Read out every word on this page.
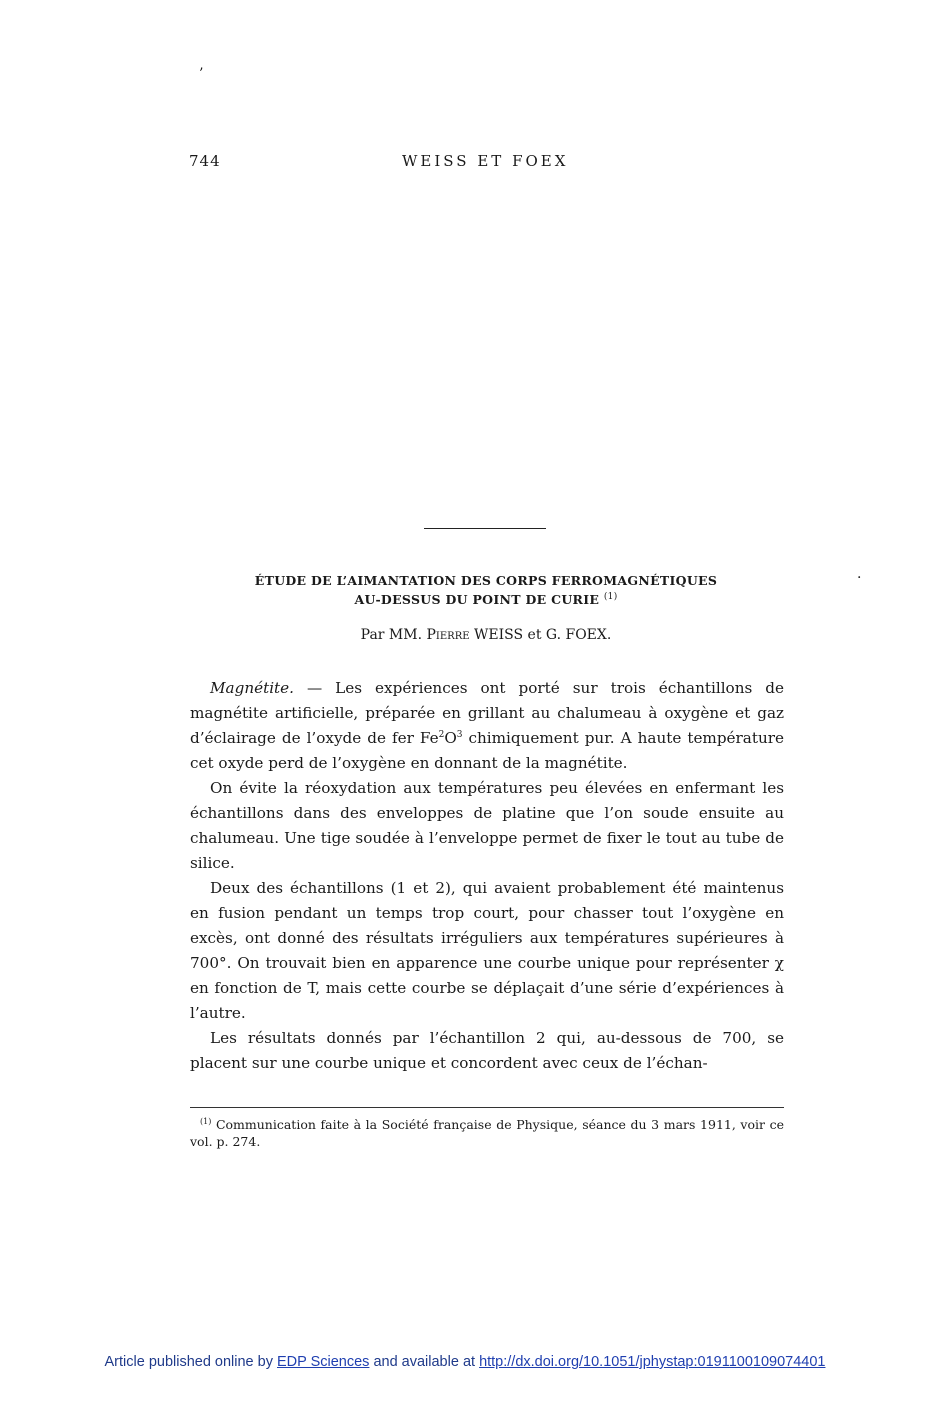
’
·
744	WEISS ET FOEX
ÉTUDE DE L’AIMANTATION DES CORPS FERROMAGNÉTIQUES
AU-DESSUS DU POINT DE CURIE $^{(1)}$
Par MM. Pierre WEISS et G. FOEX.

Magnétite. — Les expériences ont porté sur trois échantillons de magnétite artificielle, préparée en grillant au chalumeau à oxygène et gaz d’éclairage de l’oxyde de fer $Fe^2O^3$ chimiquement pur. A haute température cet oxyde perd de l’oxygène en donnant de la magnétite.

On évite la réoxydation aux températures peu élevées en enfermant les échantillons dans des enveloppes de platine que l’on soude ensuite au chalumeau. Une tige soudée à l’enveloppe permet de fixer le tout au tube de silice.

Deux des échantillons (1 et 2), qui avaient probablement été maintenus en fusion pendant un temps trop court, pour chasser tout l’oxygène en excès, ont donné des résultats irréguliers aux températures supérieures à 700°. On trouvait bien en apparence une courbe unique pour représenter χ en fonction de T, mais cette courbe se déplaçait d’une série d’expériences à l’autre.

Les résultats donnés par l’échantillon 2 qui, au-dessous de 700, se placent sur une courbe unique et concordent avec ceux de l’échan-

$^{(1)}$ Communication faite à la Société française de Physique, séance du 3 mars 1911, voir ce vol. p. 274.

Article published online by EDP Sciences and available at http://dx.doi.org/10.1051/jphystap:0191100109074401
